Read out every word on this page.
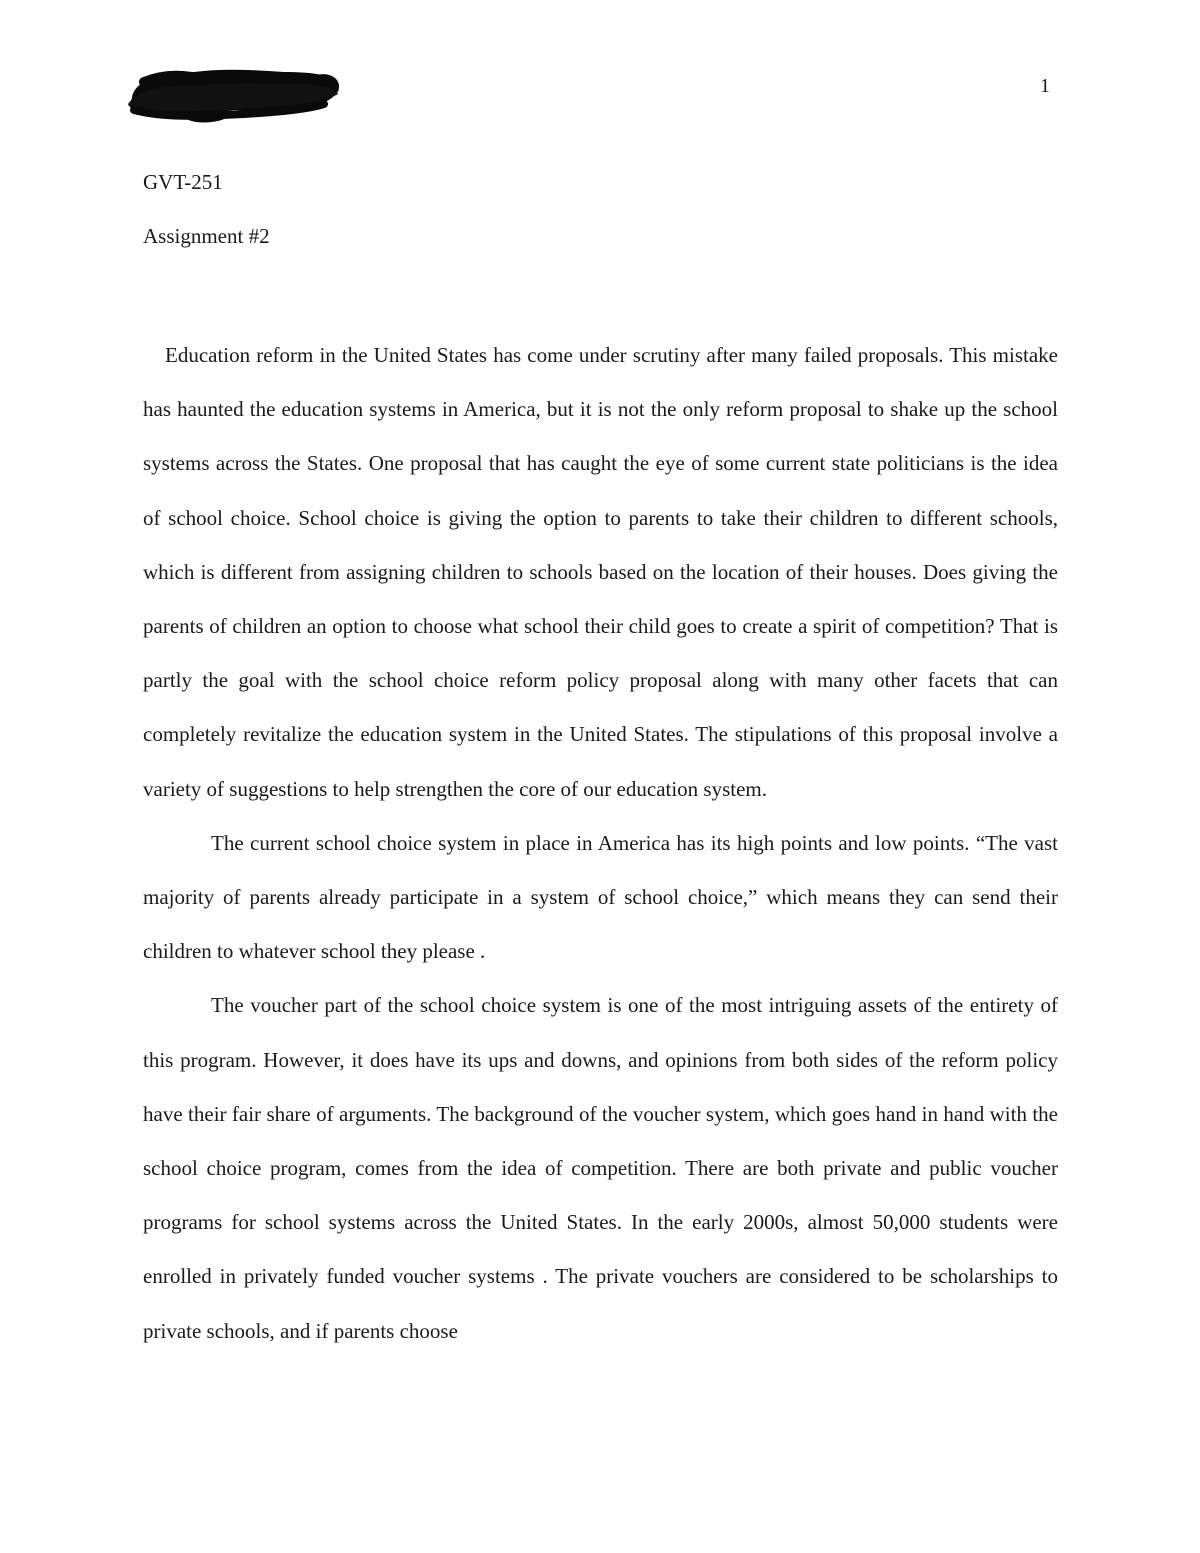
1
GVT-251
Assignment #2

Education reform in the United States has come under scrutiny after many failed proposals. This mistake has haunted the education systems in America, but it is not the only reform proposal to shake up the school systems across the States. One proposal that has caught the eye of some current state politicians is the idea of school choice. School choice is giving the option to parents to take their children to different schools, which is different from assigning children to schools based on the location of their houses. Does giving the parents of children an option to choose what school their child goes to create a spirit of competition? That is partly the goal with the school choice reform policy proposal along with many other facets that can completely revitalize the education system in the United States. The stipulations of this proposal involve a variety of suggestions to help strengthen the core of our education system.

The current school choice system in place in America has its high points and low points. “The vast majority of parents already participate in a system of school choice,” which means they can send their children to whatever school they please .

The voucher part of the school choice system is one of the most intriguing assets of the entirety of this program. However, it does have its ups and downs, and opinions from both sides of the reform policy have their fair share of arguments. The background of the voucher system, which goes hand in hand with the school choice program, comes from the idea of competition. There are both private and public voucher programs for school systems across the United States. In the early 2000s, almost 50,000 students were enrolled in privately funded voucher systems . The private vouchers are considered to be scholarships to private schools, and if parents choose
